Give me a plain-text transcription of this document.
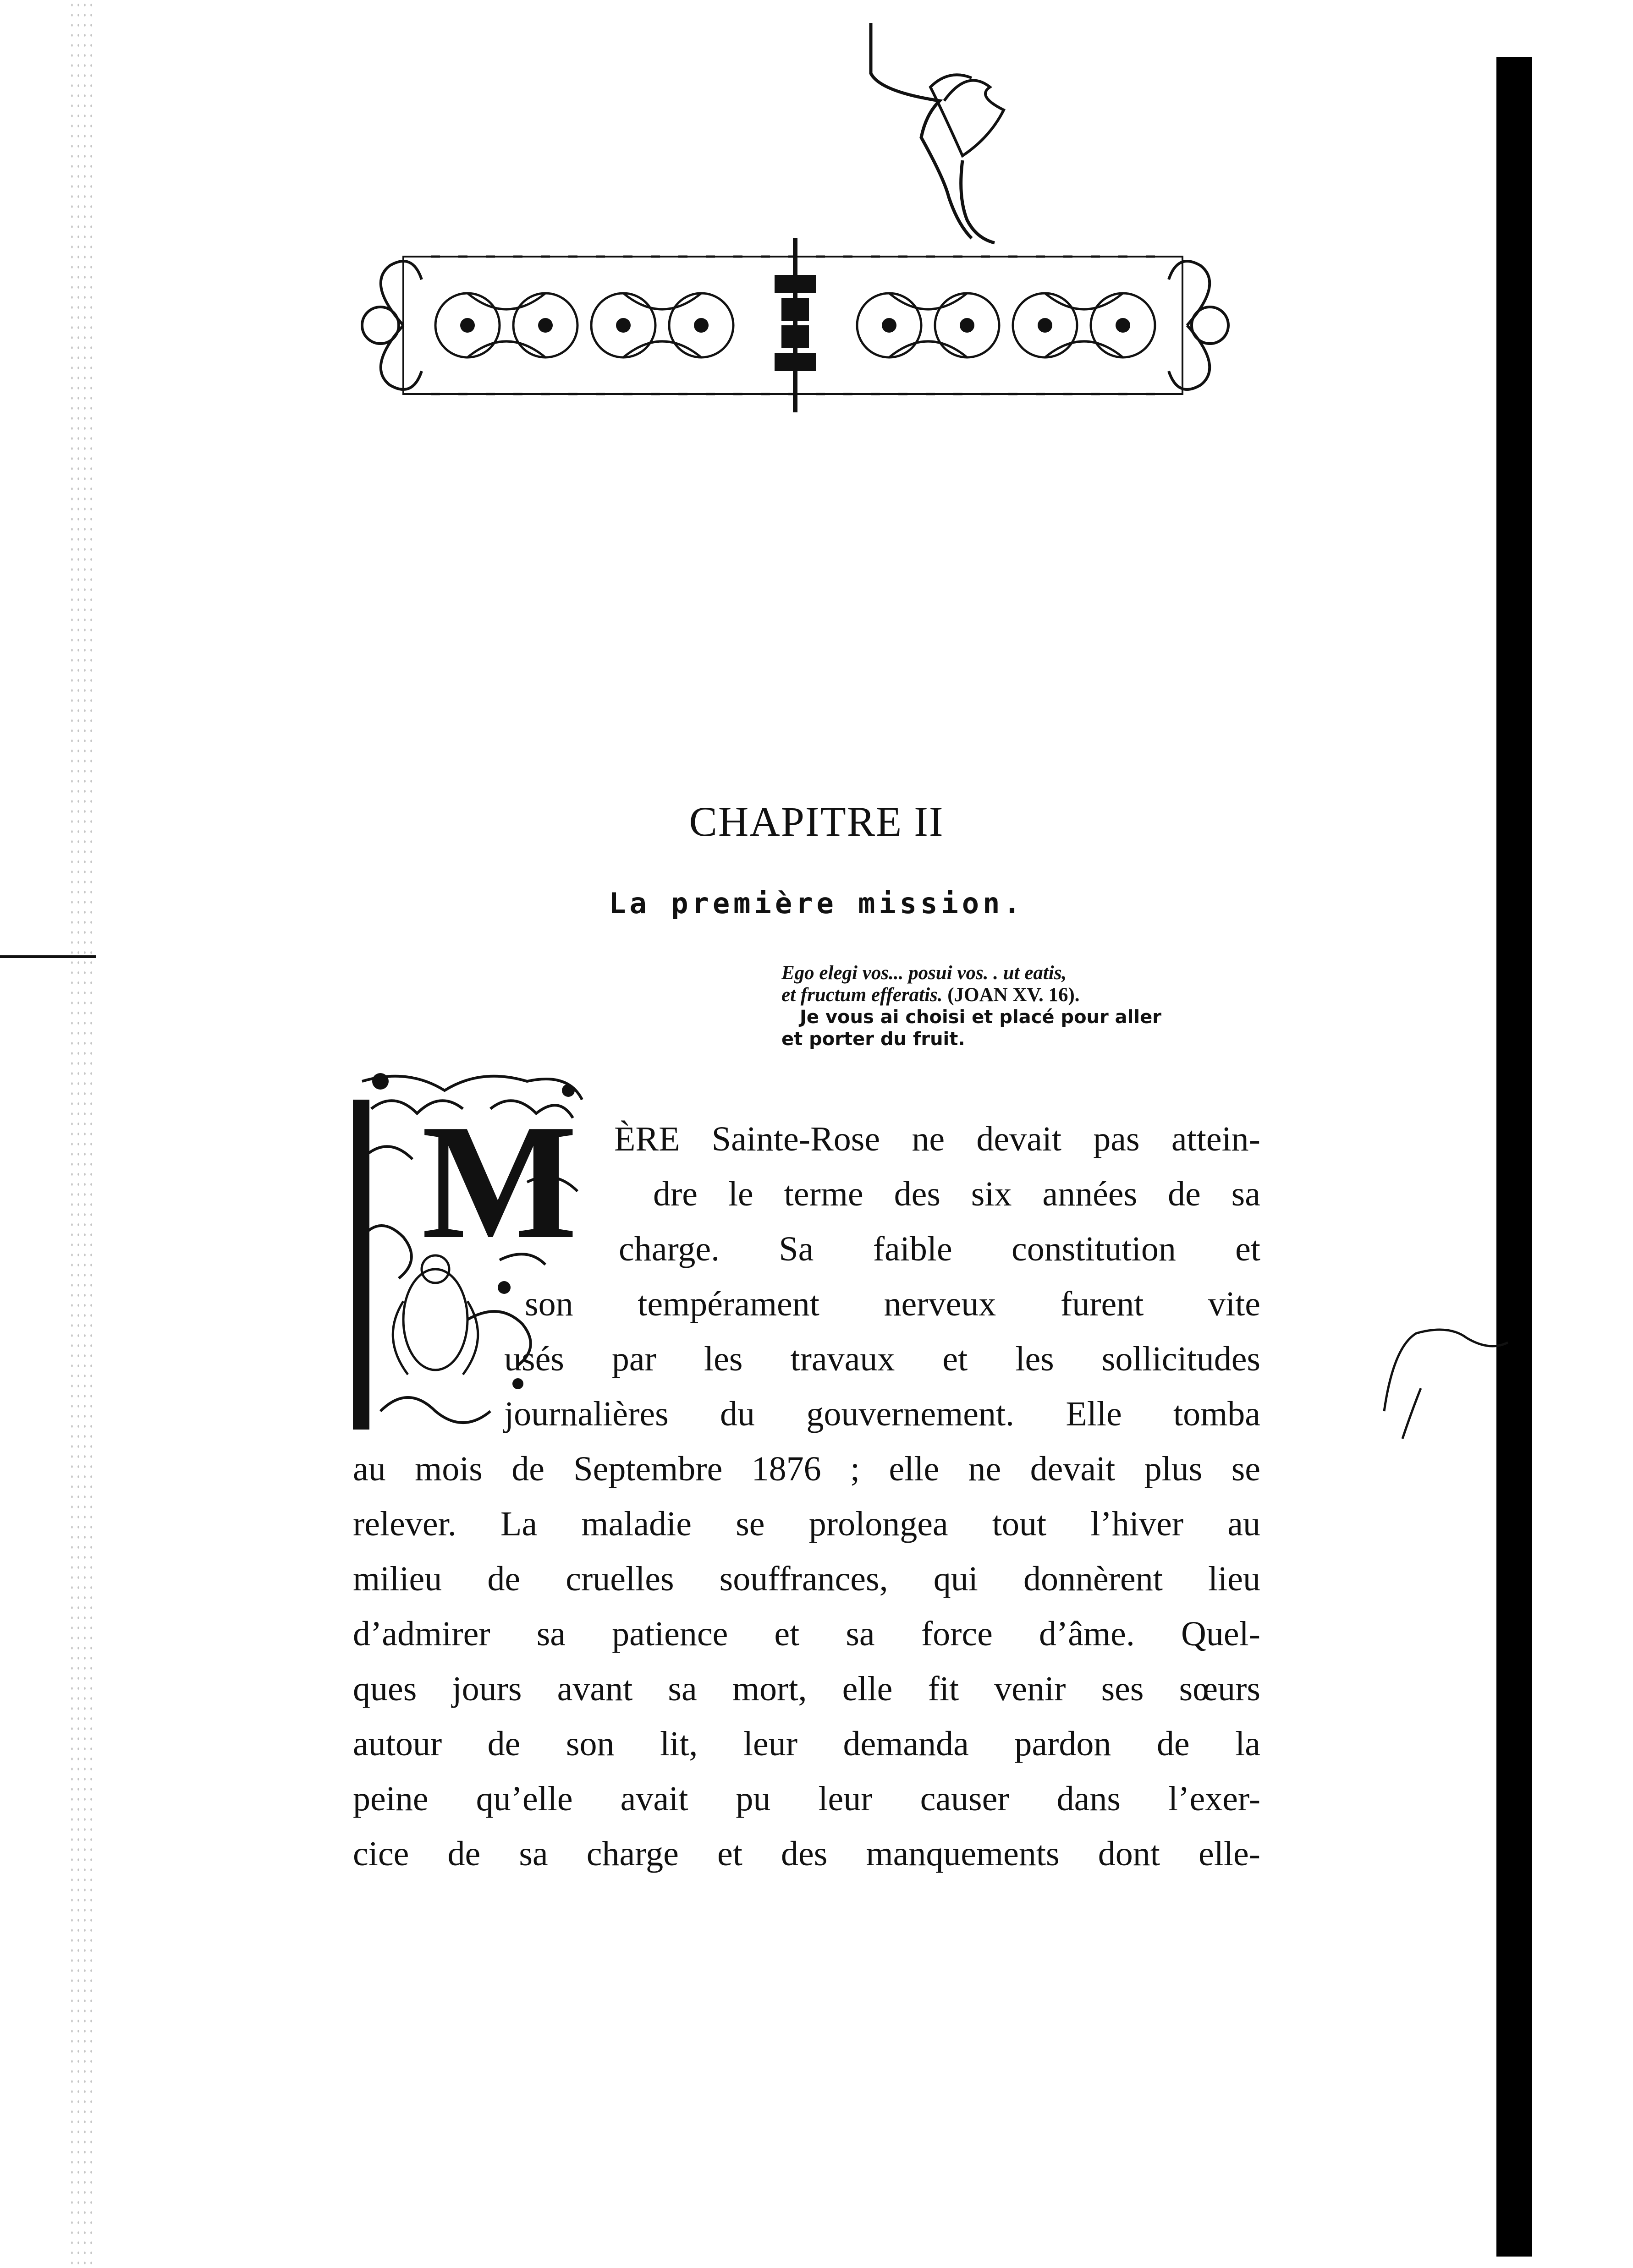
CHAPITRE II
La première mission.
Ego elegi vos... posui vos. . ut eatis,
et fructum efferatis. (JOAN XV. 16).
Je vous ai choisi et placé pour aller
et porter du fruit.
M ÈRE Sainte-Rose ne devait pas attein-

dre le terme des six années de sa

charge. Sa faible constitution et

son tempérament nerveux furent vite

usés par les travaux et les sollicitudes

journalières du gouvernement. Elle tomba

au mois de Septembre 1876 ; elle ne devait plus se

relever. La maladie se prolongea tout l’hiver au

milieu de cruelles souffrances, qui donnèrent lieu

d’admirer sa patience et sa force d’âme. Quel-

ques jours avant sa mort, elle fit venir ses sœurs

autour de son lit, leur demanda pardon de la

peine qu’elle avait pu leur causer dans l’exer-

cice de sa charge et des manquements dont elle-
